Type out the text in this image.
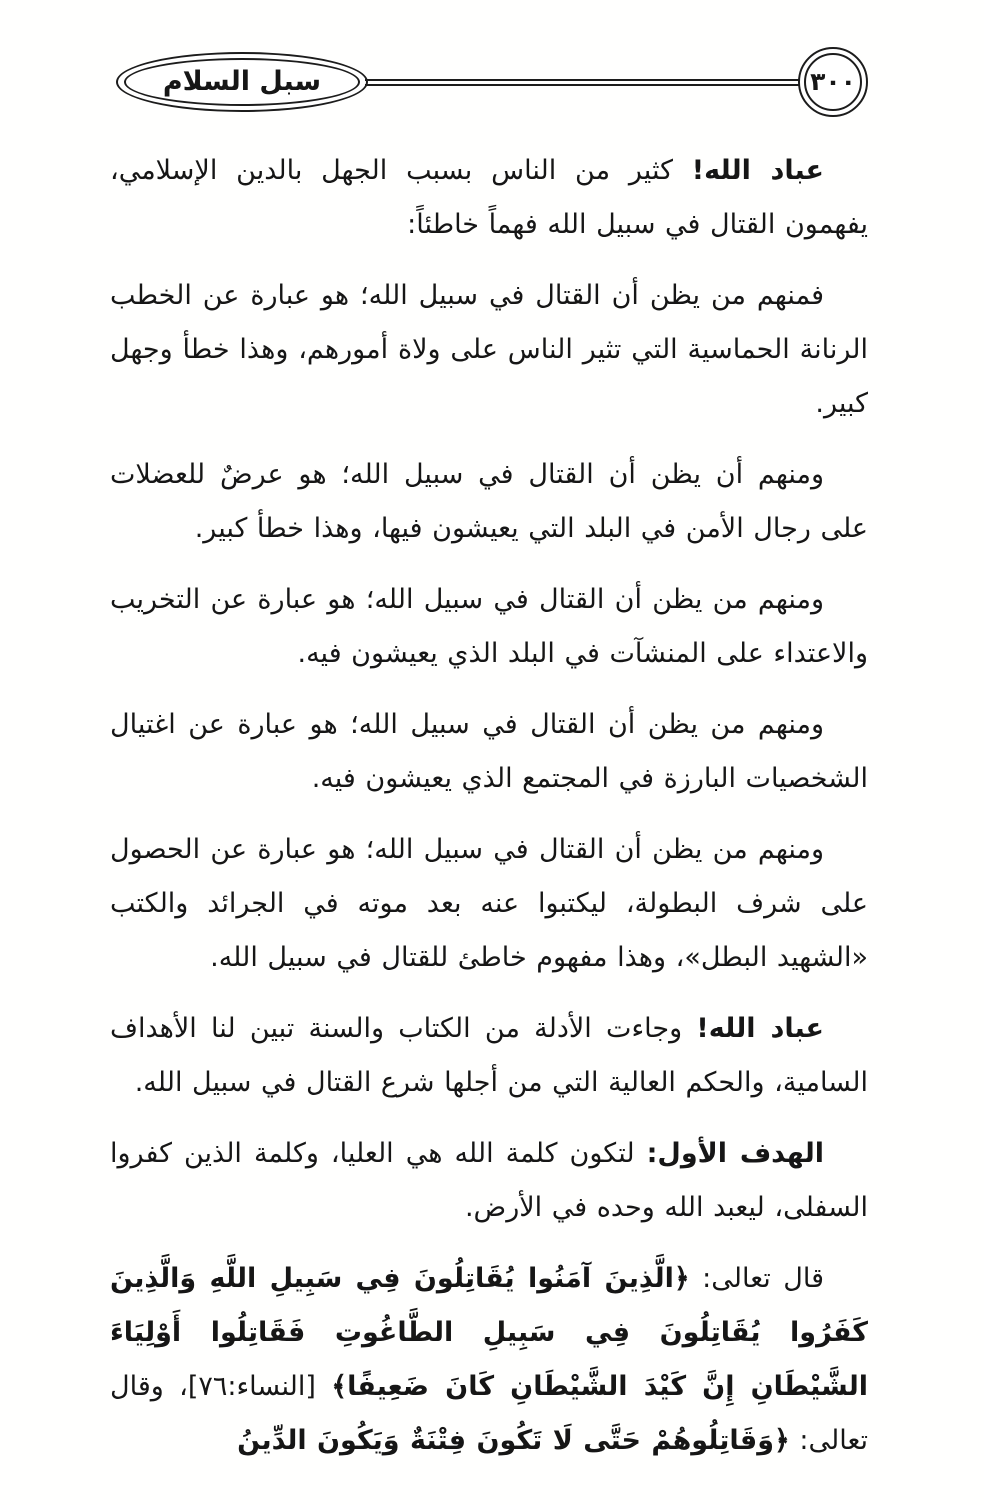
سبل السلام	٣٠٠

عباد الله! كثير من الناس بسبب الجهل بالدين الإسلامي، يفهمون القتال في سبيل الله فهماً خاطئاً:

فمنهم من يظن أن القتال في سبيل الله؛ هو عبارة عن الخطب الرنانة الحماسية التي تثير الناس على ولاة أمورهم، وهذا خطأ وجهل كبير.

ومنهم أن يظن أن القتال في سبيل الله؛ هو عرضٌ للعضلات على رجال الأمن في البلد التي يعيشون فيها، وهذا خطأ كبير.

ومنهم من يظن أن القتال في سبيل الله؛ هو عبارة عن التخريب والاعتداء على المنشآت في البلد الذي يعيشون فيه.

ومنهم من يظن أن القتال في سبيل الله؛ هو عبارة عن اغتيال الشخصيات البارزة في المجتمع الذي يعيشون فيه.

ومنهم من يظن أن القتال في سبيل الله؛ هو عبارة عن الحصول على شرف البطولة، ليكتبوا عنه بعد موته في الجرائد والكتب «الشهيد البطل»، وهذا مفهوم خاطئ للقتال في سبيل الله.

عباد الله! وجاءت الأدلة من الكتاب والسنة تبين لنا الأهداف السامية، والحكم العالية التي من أجلها شرع القتال في سبيل الله.

الهدف الأول: لتكون كلمة الله هي العليا، وكلمة الذين كفروا السفلى، ليعبد الله وحده في الأرض.

قال تعالى: ﴿الَّذِينَ آمَنُوا يُقَاتِلُونَ فِي سَبِيلِ اللَّهِ وَالَّذِينَ كَفَرُوا يُقَاتِلُونَ فِي سَبِيلِ الطَّاغُوتِ فَقَاتِلُوا أَوْلِيَاءَ الشَّيْطَانِ إِنَّ كَيْدَ الشَّيْطَانِ كَانَ ضَعِيفًا﴾ [النساء:٧٦]، وقال تعالى: ﴿وَقَاتِلُوهُمْ حَتَّى لَا تَكُونَ فِتْنَةٌ وَيَكُونَ الدِّينُ
